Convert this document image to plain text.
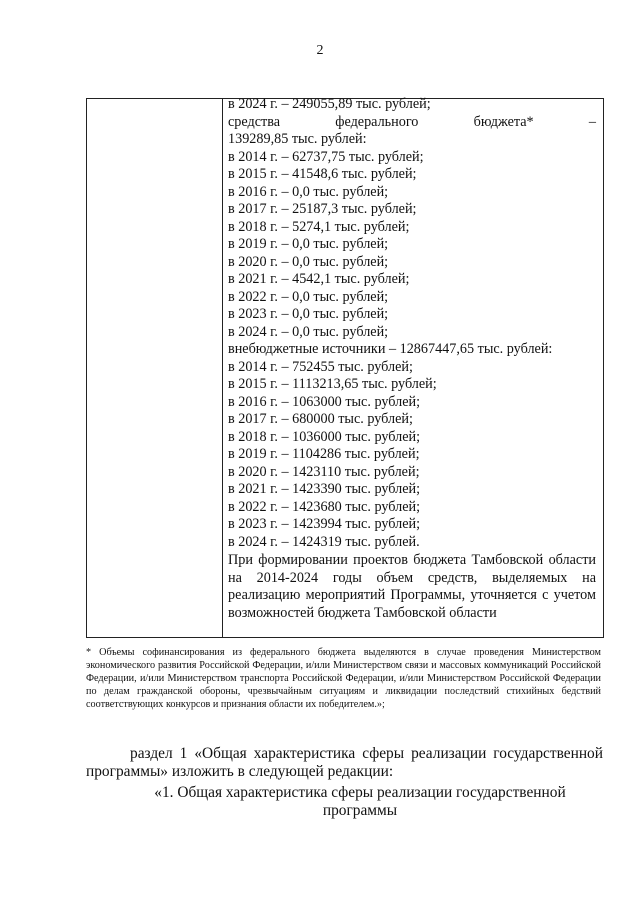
2
в 2024 г. – 249055,89 тыс. рублей;
средства	федерального	бюджета*	–
139289,85 тыс. рублей:
в 2014 г. – 62737,75 тыс. рублей;
в 2015 г. – 41548,6 тыс. рублей;
в 2016 г. – 0,0 тыс. рублей;
в 2017 г. – 25187,3 тыс. рублей;
в 2018 г. – 5274,1 тыс. рублей;
в 2019 г. – 0,0 тыс. рублей;
в 2020 г. – 0,0 тыс. рублей;
в 2021 г. – 4542,1 тыс. рублей;
в 2022 г. – 0,0 тыс. рублей;
в 2023 г. – 0,0 тыс. рублей;
в 2024 г. – 0,0 тыс. рублей;
внебюджетные источники – 12867447,65 тыс. рублей:
в 2014 г. – 752455 тыс. рублей;
в 2015 г. – 1113213,65 тыс. рублей;
в 2016 г. – 1063000 тыс. рублей;
в 2017 г. – 680000 тыс. рублей;
в 2018 г. – 1036000 тыс. рублей;
в 2019 г. – 1104286 тыс. рублей;
в 2020 г. – 1423110 тыс. рублей;
в 2021 г. – 1423390 тыс. рублей;
в 2022 г. – 1423680 тыс. рублей;
в 2023 г. – 1423994 тыс. рублей;
в 2024 г. – 1424319 тыс. рублей.
При формировании проектов бюджета Тамбовской области на 2014-2024 годы объем средств, выделяемых на реализацию мероприятий Программы, уточняется с учетом возможностей бюджета Тамбовской области
* Объемы софинансирования из федерального бюджета выделяются в случае проведения Министерством экономического развития Российской Федерации, и/или Министерством связи и массовых коммуникаций Российской Федерации, и/или Министерством транспорта Российской Федерации, и/или Министерством Российской Федерации по делам гражданской обороны, чрезвычайным ситуациям и ликвидации последствий стихийных бедствий соответствующих конкурсов и признания области их победителем.»;
раздел 1 «Общая характеристика сферы реализации государственной программы» изложить в следующей редакции:
«1. Общая характеристика сферы реализации государственной программы
